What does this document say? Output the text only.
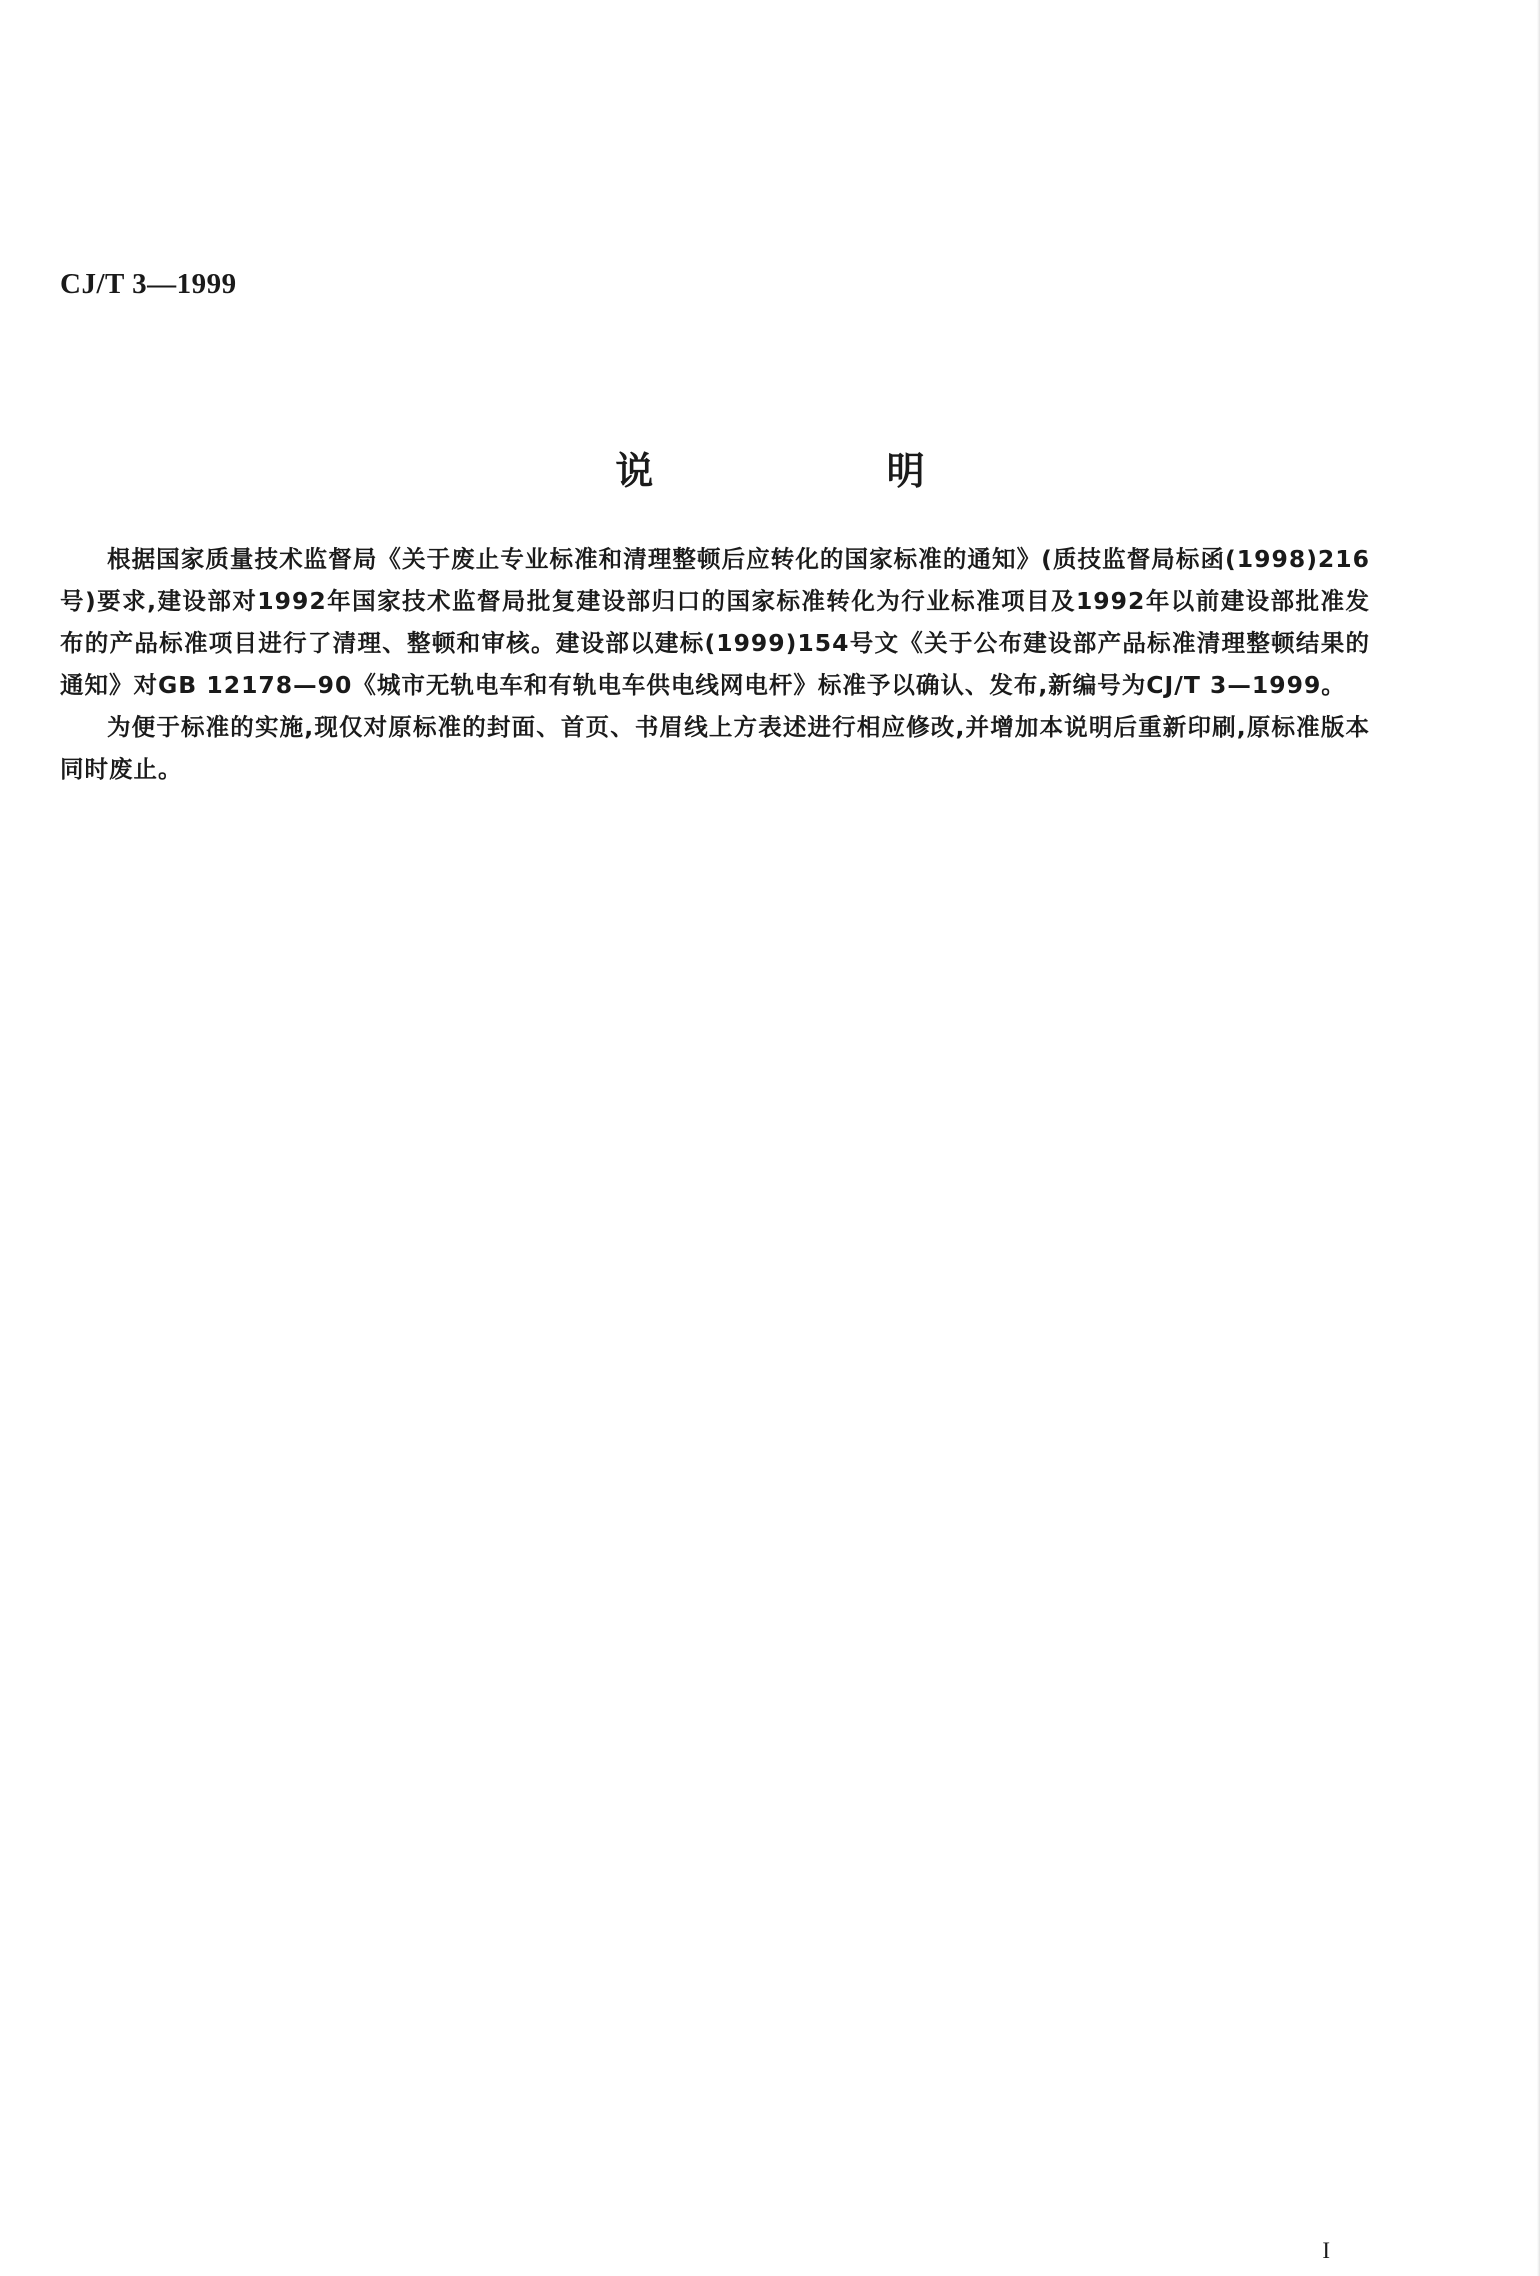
CJ/T 3—1999
说 明

根据国家质量技术监督局《关于废止专业标准和清理整顿后应转化的国家标准的通知》(质技监督局标函(1998)216号)要求,建设部对1992年国家技术监督局批复建设部归口的国家标准转化为行业标准项目及1992年以前建设部批准发布的产品标准项目进行了清理、整顿和审核。建设部以建标(1999)154号文《关于公布建设部产品标准清理整顿结果的通知》对GB 12178—90《城市无轨电车和有轨电车供电线网电杆》标准予以确认、发布,新编号为CJ/T 3—1999。

为便于标准的实施,现仅对原标准的封面、首页、书眉线上方表述进行相应修改,并增加本说明后重新印刷,原标准版本同时废止。

I
